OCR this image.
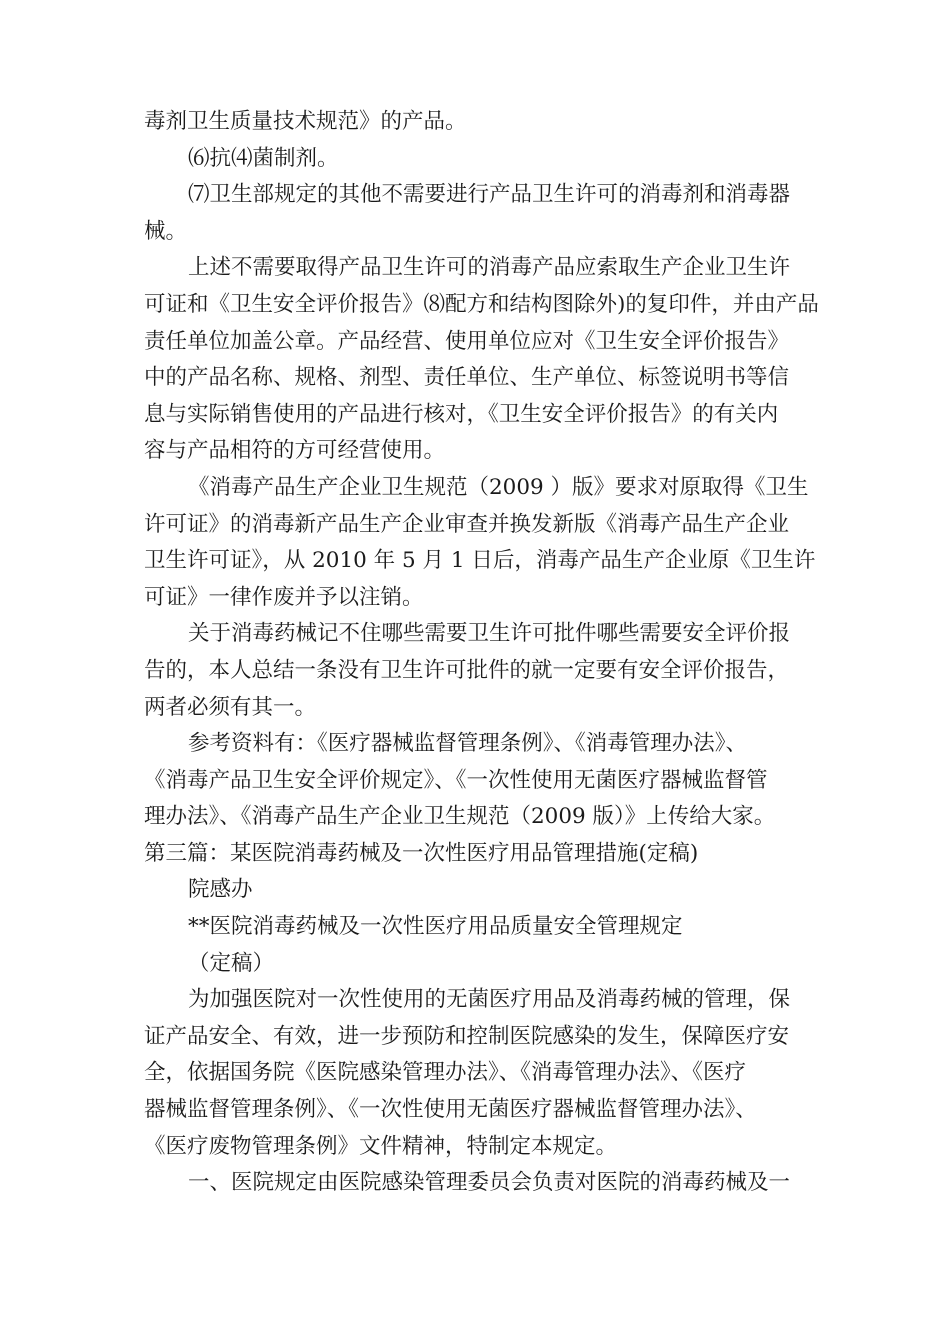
毒剂卫生质量技术规范》的产品。

⑹抗⑷菌制剂。

⑺卫生部规定的其他不需要进行产品卫生许可的消毒剂和消毒器

械。

上述不需要取得产品卫生许可的消毒产品应索取生产企业卫生许

可证和《卫生安全评价报告》⑻配方和结构图除外)的复印件，并由产品

责任单位加盖公章。产品经营、使用单位应对《卫生安全评价报告》

中的产品名称、规格、剂型、责任单位、生产单位、标签说明书等信

息与实际销售使用的产品进行核对，《卫生安全评价报告》的有关内

容与产品相符的方可经营使用。

《消毒产品生产企业卫生规范（2009 ）版》要求对原取得《卫生

许可证》的消毒新产品生产企业审查并换发新版《消毒产品生产企业

卫生许可证》，从 2010 年 5 月 1 日后，消毒产品生产企业原《卫生许

可证》一律作废并予以注销。

关于消毒药械记不住哪些需要卫生许可批件哪些需要安全评价报

告的，本人总结一条没有卫生许可批件的就一定要有安全评价报告，

两者必须有其一。

参考资料有：《医疗器械监督管理条例》、《消毒管理办法》、

《消毒产品卫生安全评价规定》、《一次性使用无菌医疗器械监督管

理办法》、《消毒产品生产企业卫生规范（2009 版）》上传给大家。

第三篇：某医院消毒药械及一次性医疗用品管理措施(定稿)

院感办

**医院消毒药械及一次性医疗用品质量安全管理规定

（定稿）

为加强医院对一次性使用的无菌医疗用品及消毒药械的管理，保

证产品安全、有效，进一步预防和控制医院感染的发生，保障医疗安

全，依据国务院《医院感染管理办法》、《消毒管理办法》、《医疗

器械监督管理条例》、《一次性使用无菌医疗器械监督管理办法》、

《医疗废物管理条例》文件精神，特制定本规定。

一、医院规定由医院感染管理委员会负责对医院的消毒药械及一
